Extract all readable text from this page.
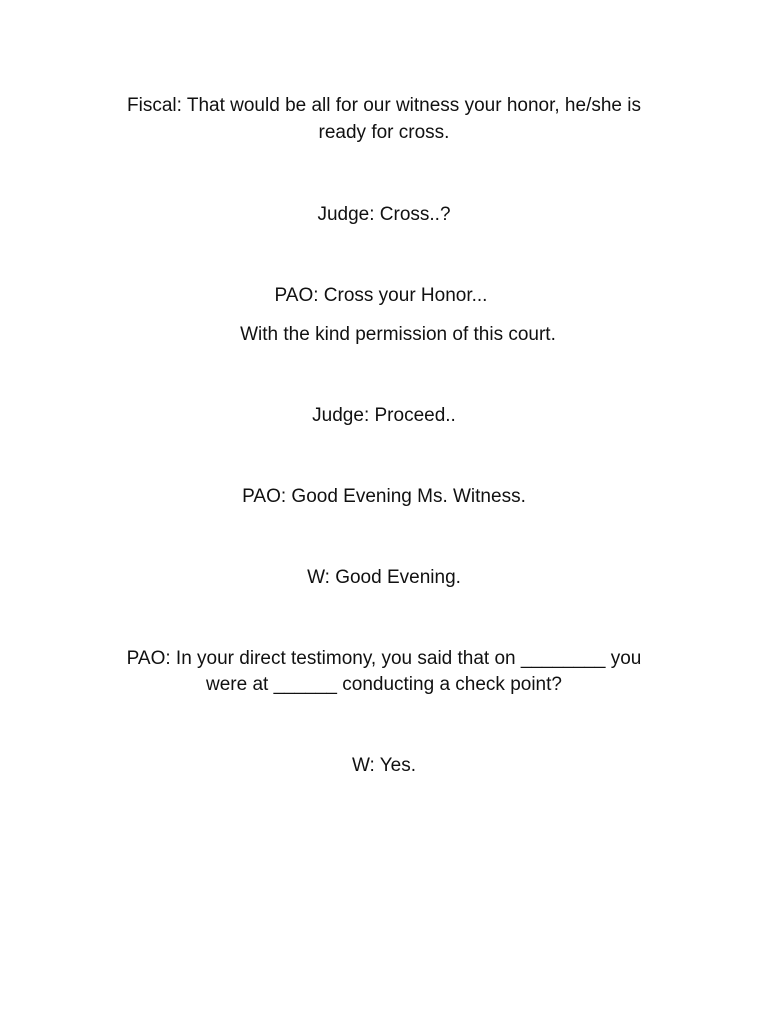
Fiscal: That would be all for our witness your honor, he/she is
ready for cross.
Judge: Cross..?
PAO: Cross your Honor...
With the kind permission of this court.
Judge: Proceed..
PAO: Good Evening Ms. Witness.
W: Good Evening.
PAO: In your direct testimony, you said that on ________ you
were at ______ conducting a check point?
W: Yes.
